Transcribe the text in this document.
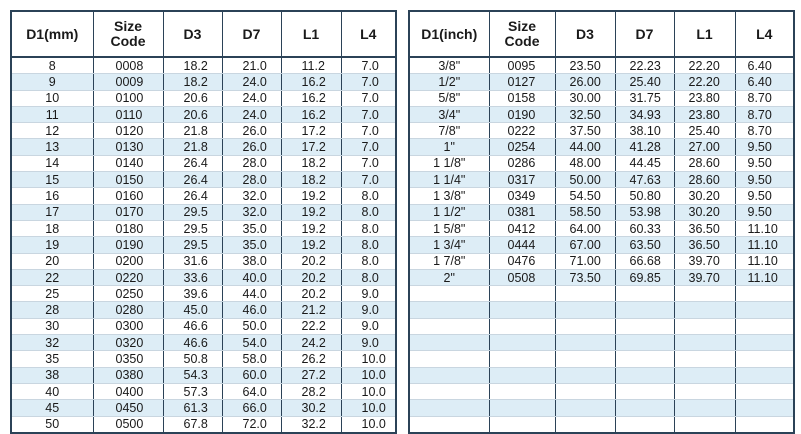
D1(mm)	Size
Code	D3	D7	L1	L4
8	0008	18.2	21.0	11.2	7.0
9	0009	18.2	24.0	16.2	7.0
10	0100	20.6	24.0	16.2	7.0
11	0110	20.6	24.0	16.2	7.0
12	0120	21.8	26.0	17.2	7.0
13	0130	21.8	26.0	17.2	7.0
14	0140	26.4	28.0	18.2	7.0
15	0150	26.4	28.0	18.2	7.0
16	0160	26.4	32.0	19.2	8.0
17	0170	29.5	32.0	19.2	8.0
18	0180	29.5	35.0	19.2	8.0
19	0190	29.5	35.0	19.2	8.0
20	0200	31.6	38.0	20.2	8.0
22	0220	33.6	40.0	20.2	8.0
25	0250	39.6	44.0	20.2	9.0
28	0280	45.0	46.0	21.2	9.0
30	0300	46.6	50.0	22.2	9.0
32	0320	46.6	54.0	24.2	9.0
35	0350	50.8	58.0	26.2	10.0
38	0380	54.3	60.0	27.2	10.0
40	0400	57.3	64.0	28.2	10.0
45	0450	61.3	66.0	30.2	10.0
50	0500	67.8	72.0	32.2	10.0
D1(inch)	Size
Code	D3	D7	L1	L4
3/8"	0095	23.50	22.23	22.20	6.40
1/2"	0127	26.00	25.40	22.20	6.40
5/8"	0158	30.00	31.75	23.80	8.70
3/4"	0190	32.50	34.93	23.80	8.70
7/8"	0222	37.50	38.10	25.40	8.70
1"	0254	44.00	41.28	27.00	9.50
1 1/8"	0286	48.00	44.45	28.60	9.50
1 1/4"	0317	50.00	47.63	28.60	9.50
1 3/8"	0349	54.50	50.80	30.20	9.50
1 1/2"	0381	58.50	53.98	30.20	9.50
1 5/8"	0412	64.00	60.33	36.50	11.10
1 3/4"	0444	67.00	63.50	36.50	11.10
1 7/8"	0476	71.00	66.68	39.70	11.10
2"	0508	73.50	69.85	39.70	11.10
